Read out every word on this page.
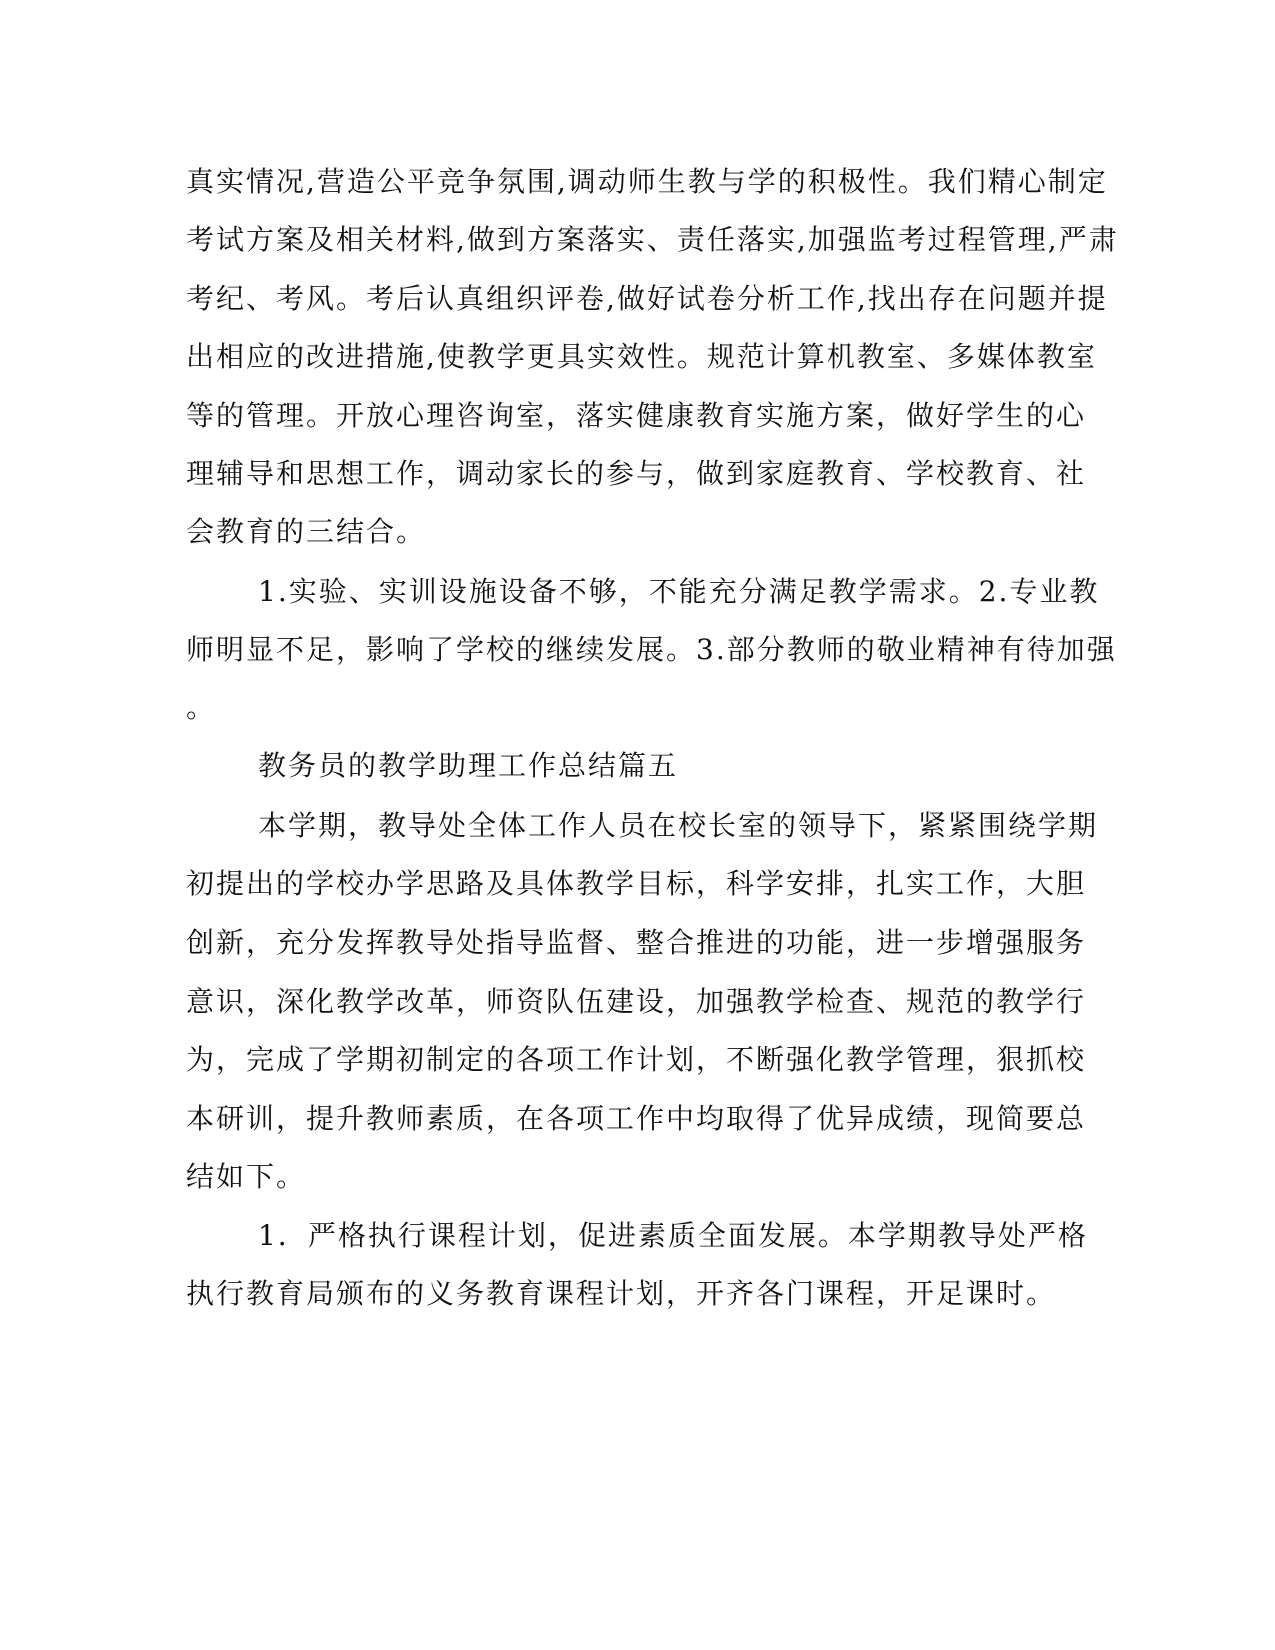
真实情况,营造公平竞争氛围,调动师生教与学的积极性。我们精心制定
考试方案及相关材料,做到方案落实、责任落实,加强监考过程管理,严肃
考纪、考风。考后认真组织评卷,做好试卷分析工作,找出存在问题并提
出相应的改进措施,使教学更具实效性。规范计算机教室、多媒体教室
等的管理。开放心理咨询室，落实健康教育实施方案，做好学生的心
理辅导和思想工作，调动家长的参与，做到家庭教育、学校教育、社
会教育的三结合。
1.实验、实训设施设备不够，不能充分满足教学需求。2.专业教
师明显不足，影响了学校的继续发展。3.部分教师的敬业精神有待加强
。
教务员的教学助理工作总结篇五
本学期，教导处全体工作人员在校长室的领导下，紧紧围绕学期
初提出的学校办学思路及具体教学目标，科学安排，扎实工作，大胆
创新，充分发挥教导处指导监督、整合推进的功能，进一步增强服务
意识，深化教学改革，师资队伍建设，加强教学检查、规范的教学行
为，完成了学期初制定的各项工作计划，不断强化教学管理，狠抓校
本研训，提升教师素质，在各项工作中均取得了优异成绩，现简要总
结如下。
1．严格执行课程计划，促进素质全面发展。本学期教导处严格
执行教育局颁布的义务教育课程计划，开齐各门课程，开足课时。
